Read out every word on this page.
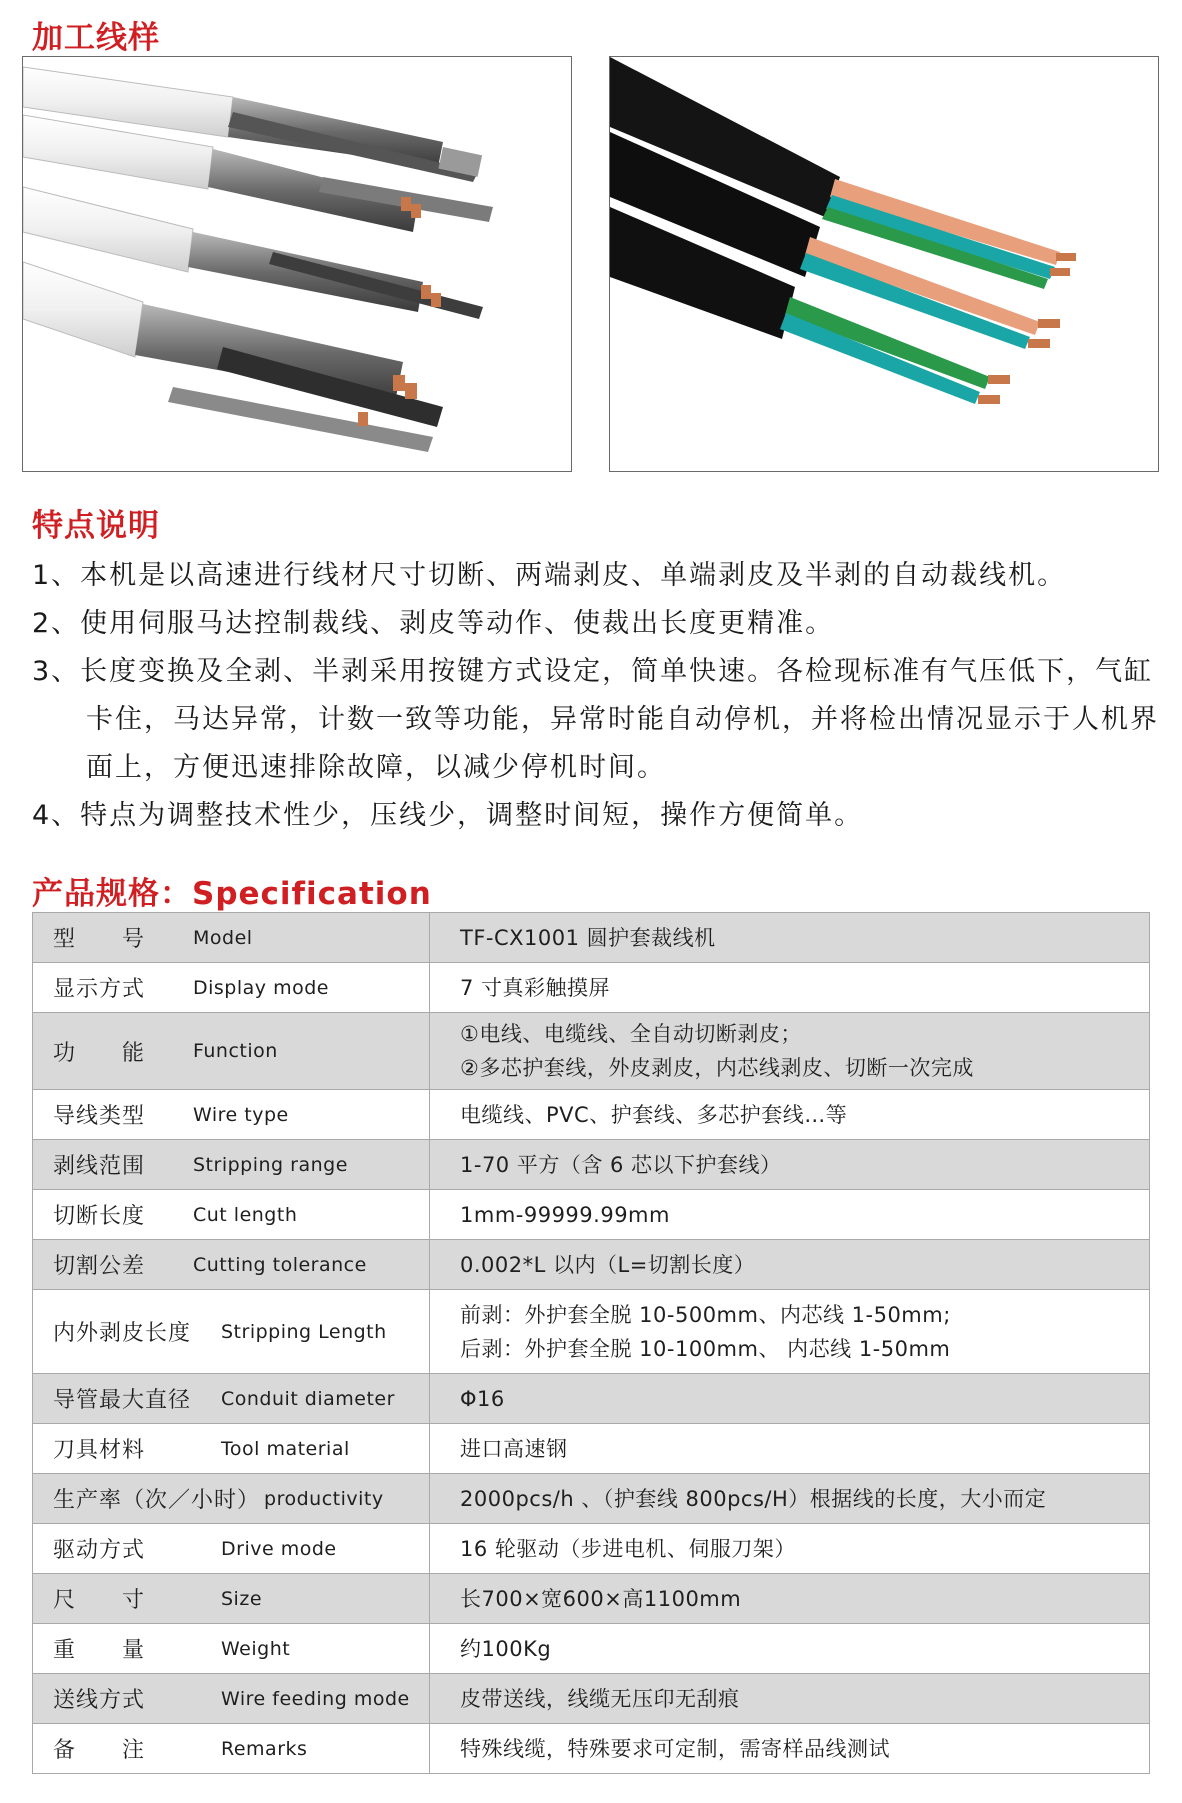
加工线样
特点说明
1、本机是以高速进行线材尺寸切断、两端剥皮、单端剥皮及半剥的自动裁线机。
2、使用伺服马达控制裁线、剥皮等动作、使裁出长度更精准。
3、长度变换及全剥、半剥采用按键方式设定，简单快速。各检现标准有气压低下，气缸卡住，马达异常，计数一致等功能，异常时能自动停机，并将检出情况显示于人机界面上，方便迅速排除故障，以减少停机时间。
4、特点为调整技术性少，压线少，调整时间短，操作方便简单。
产品规格：Specification
型　　号 Model	TF-CX1001 圆护套裁线机

显示方式 Display mode	7 寸真彩触摸屏

功　　能 Function	①电线、电缆线、全自动切断剥皮；
②多芯护套线，外皮剥皮，内芯线剥皮、切断一次完成

导线类型 Wire type	电缆线、PVC、护套线、多芯护套线…等

剥线范围 Stripping range	1-70 平方（含 6 芯以下护套线）

切断长度 Cut length	1mm-99999.99mm

切割公差 Cutting tolerance	0.002*L 以内（L=切割长度）

内外剥皮长度 Stripping Length	前剥：外护套全脱 10-500mm、内芯线 1-50mm;
后剥：外护套全脱 10-100mm、 内芯线 1-50mm

导管最大直径 Conduit diameter	Φ16

刀具材料 Tool material	进口高速钢

生产率（次／小时） productivity	2000pcs/h 、（护套线 800pcs/H）根据线的长度，大小而定

驱动方式 Drive mode	16 轮驱动（步进电机、伺服刀架）

尺　　寸 Size	长700×宽600×高1100mm

重　　量 Weight	约100Kg

送线方式 Wire feeding mode	皮带送线，线缆无压印无刮痕

备　　注 Remarks	特殊线缆，特殊要求可定制，需寄样品线测试
